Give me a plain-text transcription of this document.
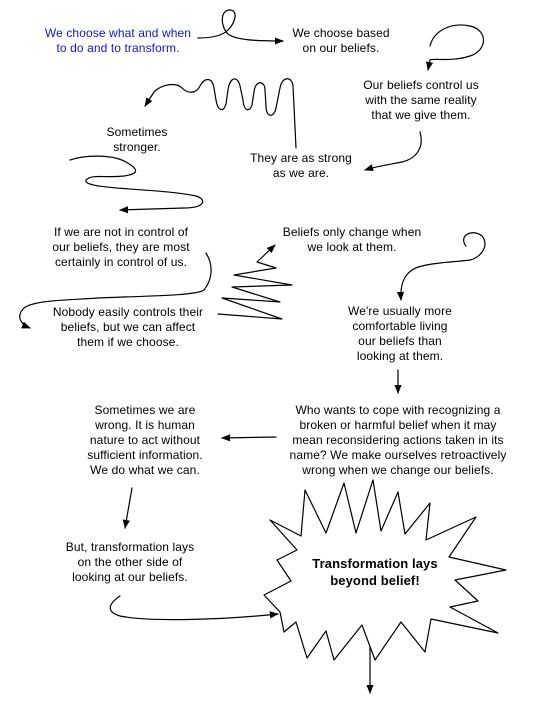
We choose what and when
to do and to transform.
We choose based
on our beliefs.
Our beliefs control us
with the same reality
that we give them.
They are as strong
as we are.
Sometimes
stronger.
If we are not in control of
our beliefs, they are most
certainly in control of us.
Beliefs only change when
we look at them.
Nobody easily controls their
beliefs, but we can affect
them if we choose.
We're usually more
comfortable living
our beliefs than
looking at them.
Who wants to cope with recognizing a
broken or harmful belief when it may
mean reconsidering actions taken in its
name? We make ourselves retroactively
wrong when we change our beliefs.
Sometimes we are
wrong. It is human
nature to act without
sufficient information.
We do what we can.
But, transformation lays
on the other side of
looking at our beliefs.
Transformation lays
beyond belief!
